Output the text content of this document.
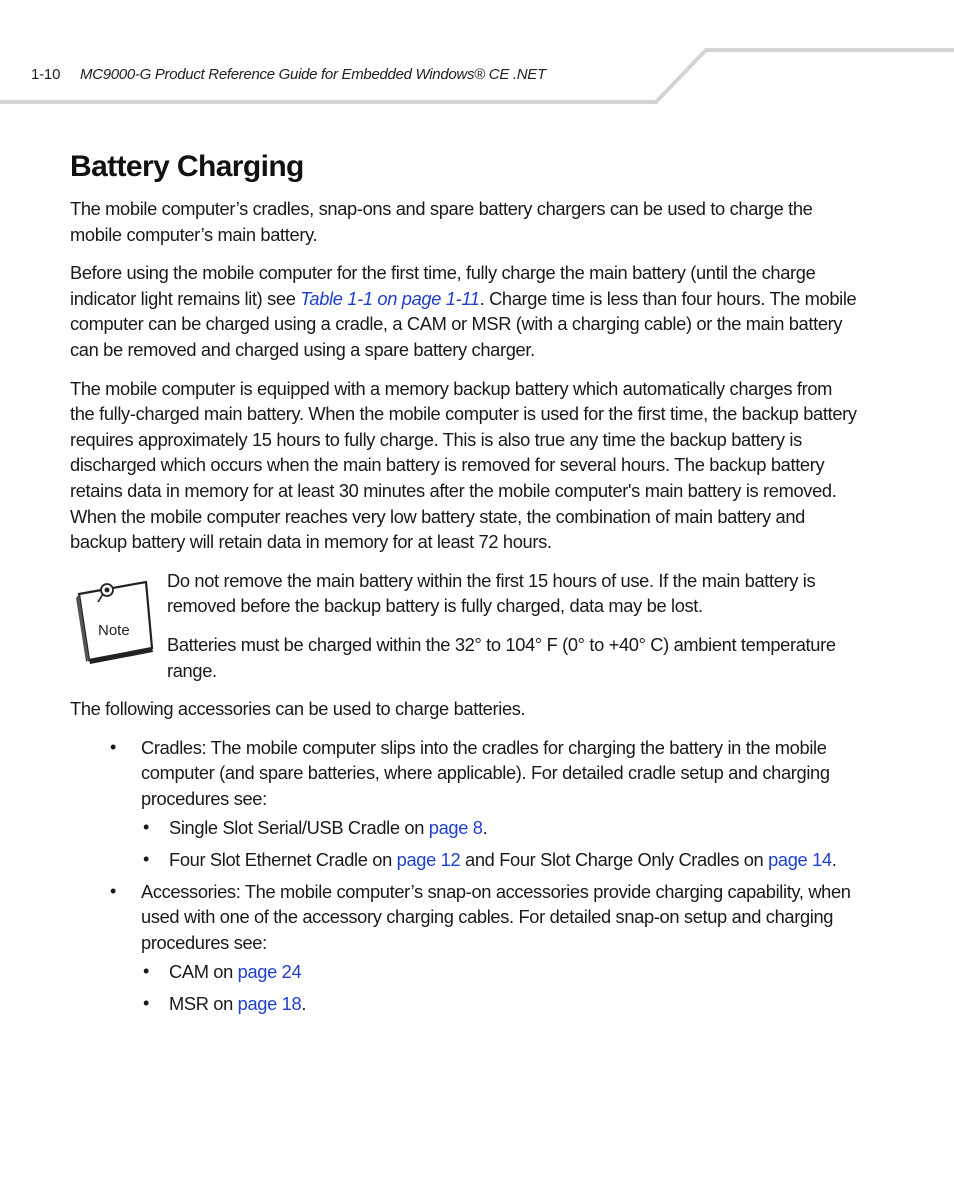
1-10 MC9000-G Product Reference Guide for Embedded Windows® CE .NET
Battery Charging

The mobile computer’s cradles, snap-ons and spare battery chargers can be used to charge the mobile computer’s main battery.

Before using the mobile computer for the first time, fully charge the main battery (until the charge indicator light remains lit) see Table 1-1 on page 1-11. Charge time is less than four hours. The mobile computer can be charged using a cradle, a CAM or MSR (with a charging cable) or the main battery can be removed and charged using a spare battery charger.

The mobile computer is equipped with a memory backup battery which automatically charges from the fully-charged main battery. When the mobile computer is used for the first time, the backup battery requires approximately 15 hours to fully charge. This is also true any time the backup battery is discharged which occurs when the main battery is removed for several hours. The backup battery retains data in memory for at least 30 minutes after the mobile computer's main battery is removed. When the mobile computer reaches very low battery state, the combination of main battery and backup battery will retain data in memory for at least 72 hours.

Note

Do not remove the main battery within the first 15 hours of use. If the main battery is removed before the backup battery is fully charged, data may be lost.

Batteries must be charged within the 32° to 104° F (0° to +40° C) ambient temperature range.

The following accessories can be used to charge batteries.

• Cradles: The mobile computer slips into the cradles for charging the battery in the mobile computer (and spare batteries, where applicable). For detailed cradle setup and charging procedures see:

• Single Slot Serial/USB Cradle on page 8.

• Four Slot Ethernet Cradle on page 12 and Four Slot Charge Only Cradles on page 14.

• Accessories: The mobile computer’s snap-on accessories provide charging capability, when used with one of the accessory charging cables. For detailed snap-on setup and charging procedures see:

• CAM on page 24

• MSR on page 18.
